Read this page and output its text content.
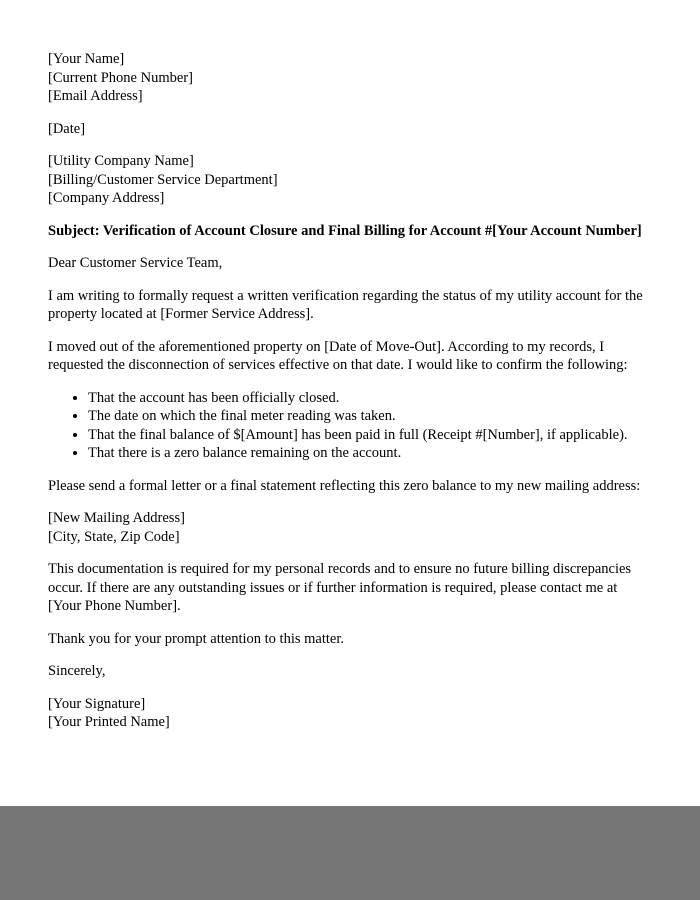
[Your Name]
[Current Phone Number]
[Email Address]
[Date]
[Utility Company Name]
[Billing/Customer Service Department]
[Company Address]
Subject: Verification of Account Closure and Final Billing for Account #[Your Account Number]
Dear Customer Service Team,
I am writing to formally request a written verification regarding the status of my utility account for the property located at [Former Service Address].
I moved out of the aforementioned property on [Date of Move-Out]. According to my records, I requested the disconnection of services effective on that date. I would like to confirm the following:
• That the account has been officially closed.
• The date on which the final meter reading was taken.
• That the final balance of $[Amount] has been paid in full (Receipt #[Number], if applicable).
• That there is a zero balance remaining on the account.
Please send a formal letter or a final statement reflecting this zero balance to my new mailing address:
[New Mailing Address]
[City, State, Zip Code]
This documentation is required for my personal records and to ensure no future billing discrepancies occur. If there are any outstanding issues or if further information is required, please contact me at [Your Phone Number].
Thank you for your prompt attention to this matter.
Sincerely,
[Your Signature]
[Your Printed Name]
